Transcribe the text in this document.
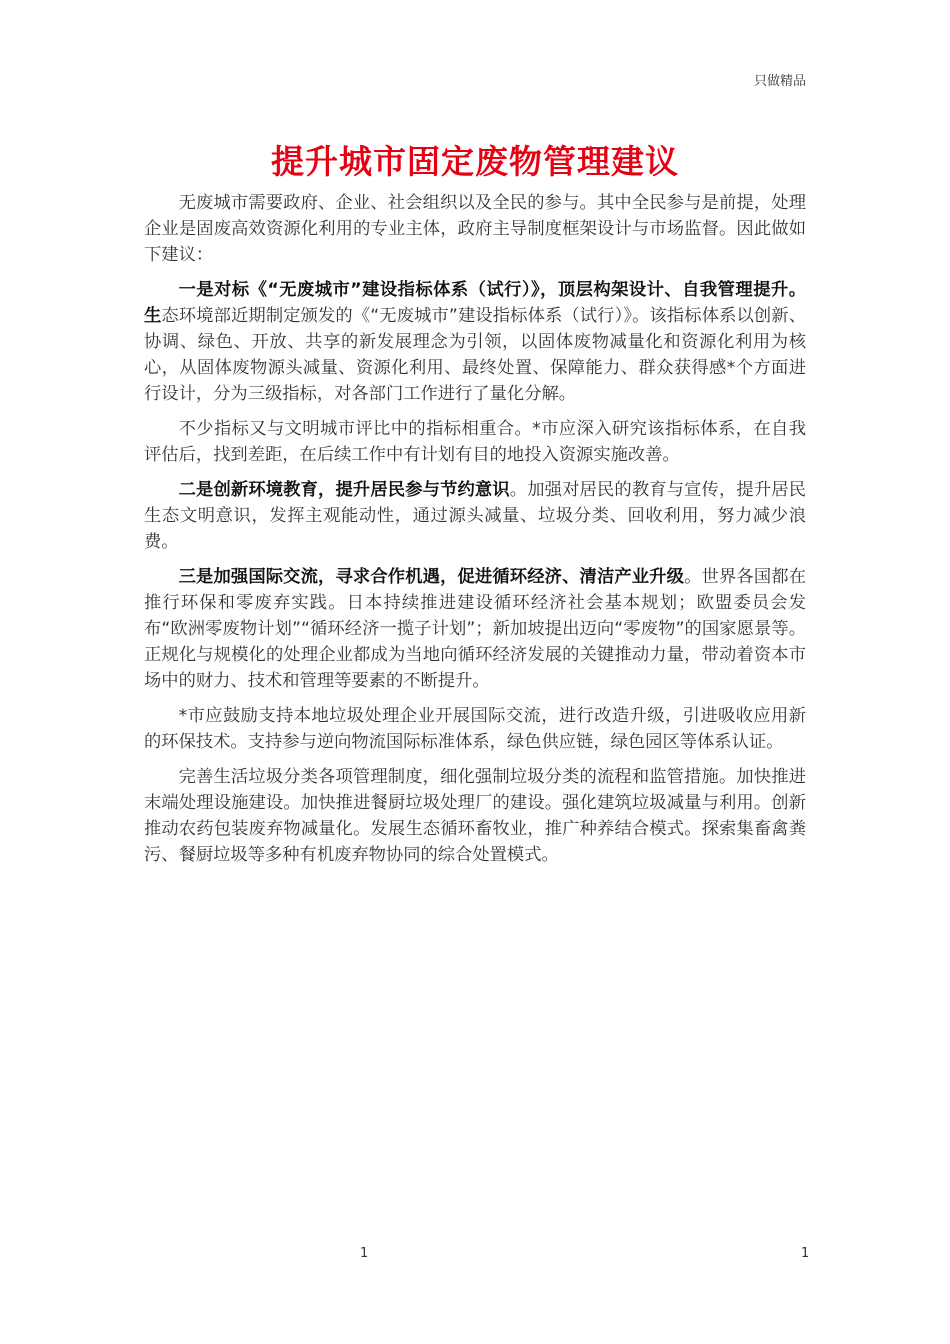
只做精品
提升城市固定废物管理建议

无废城市需要政府、企业、社会组织以及全民的参与。其中全民参与是前提，处理企业是固废高效资源化利用的专业主体，政府主导制度框架设计与市场监督。因此做如下建议：

一是对标《“无废城市”建设指标体系（试行）》，顶层构架设计、自我管理提升。生态环境部近期制定颁发的《“无废城市”建设指标体系（试行）》。该指标体系以创新、协调、绿色、开放、共享的新发展理念为引领，以固体废物减量化和资源化利用为核心，从固体废物源头减量、资源化利用、最终处置、保障能力、群众获得感*个方面进行设计，分为三级指标，对各部门工作进行了量化分解。

不少指标又与文明城市评比中的指标相重合。*市应深入研究该指标体系，在自我评估后，找到差距，在后续工作中有计划有目的地投入资源实施改善。

二是创新环境教育，提升居民参与节约意识。加强对居民的教育与宣传，提升居民生态文明意识，发挥主观能动性，通过源头减量、垃圾分类、回收利用，努力减少浪费。

三是加强国际交流，寻求合作机遇，促进循环经济、清洁产业升级。世界各国都在推行环保和零废弃实践。日本持续推进建设循环经济社会基本规划；欧盟委员会发布“欧洲零废物计划”“循环经济一揽子计划”；新加坡提出迈向“零废物”的国家愿景等。正规化与规模化的处理企业都成为当地向循环经济发展的关键推动力量，带动着资本市场中的财力、技术和管理等要素的不断提升。

*市应鼓励支持本地垃圾处理企业开展国际交流，进行改造升级，引进吸收应用新的环保技术。支持参与逆向物流国际标准体系，绿色供应链，绿色园区等体系认证。

完善生活垃圾分类各项管理制度，细化强制垃圾分类的流程和监管措施。加快推进末端处理设施建设。加快推进餐厨垃圾处理厂的建设。强化建筑垃圾减量与利用。创新推动农药包装废弃物减量化。发展生态循环畜牧业，推广种养结合模式。探索集畜禽粪污、餐厨垃圾等多种有机废弃物协同的综合处置模式。

1	1
